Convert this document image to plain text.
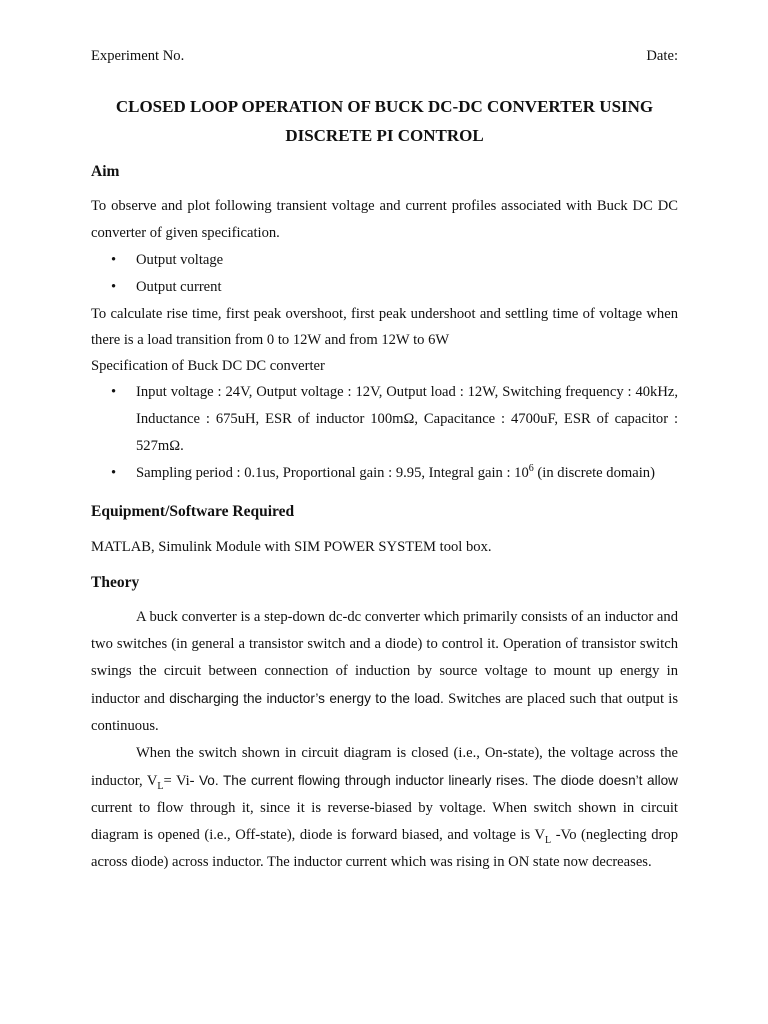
Experiment No.	Date:
CLOSED LOOP OPERATION OF BUCK DC-DC CONVERTER USING
DISCRETE PI CONTROL
Aim
To observe and plot following transient voltage and current profiles associated with Buck DC DC converter of given specification.
• Output voltage
• Output current
To calculate rise time, first peak overshoot, first peak undershoot and settling time of voltage when there is a load transition from 0 to 12W and from 12W to 6W
Specification of Buck DC DC converter
• Input voltage : 24V, Output voltage : 12V, Output load : 12W, Switching frequency : 40kHz, Inductance : 675uH, ESR of inductor 100mΩ, Capacitance : 4700uF, ESR of capacitor : 527mΩ.
• Sampling period : 0.1us, Proportional gain : 9.95, Integral gain : $10^6$ (in discrete domain)
Equipment/Software Required
MATLAB, Simulink Module with SIM POWER SYSTEM tool box.
Theory
A buck converter is a step-down dc-dc converter which primarily consists of an inductor and two switches (in general a transistor switch and a diode) to control it. Operation of transistor switch swings the circuit between connection of induction by source voltage to mount up energy in inductor and discharging the inductor’s energy to the load. Switches are placed such that output is continuous.
When the switch shown in circuit diagram is closed (i.e., On-state), the voltage across the inductor, $V_L= Vi-$ Vo. The current flowing through inductor linearly rises. The diode doesn’t allow current to flow through it, since it is reverse-biased by voltage. When switch shown in circuit diagram is opened (i.e., Off-state), diode is forward biased, and voltage is $V_L$ -Vo (neglecting drop across diode) across inductor. The inductor current which was rising in ON state now decreases.
